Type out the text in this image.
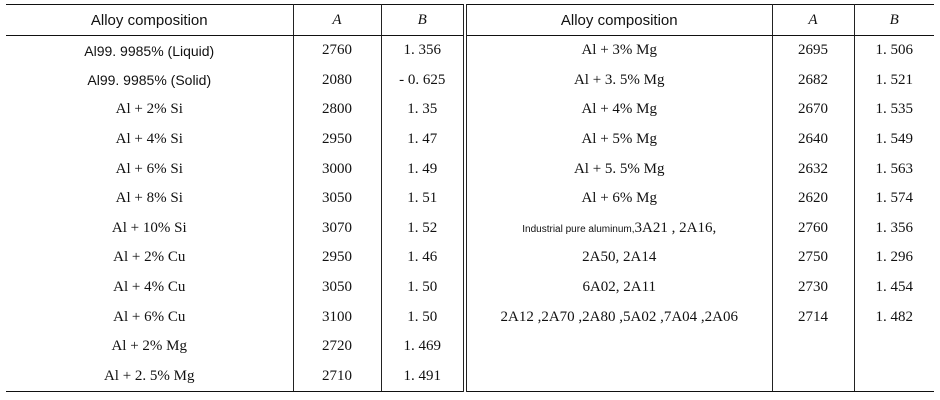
Alloy composition	A	B	Alloy composition	A	B
Al99. 9985% (Liquid)	2760	1. 356	Al + 3% Mg	2695	1. 506
Al99. 9985% (Solid)	2080	- 0. 625	Al + 3. 5% Mg	2682	1. 521
Al + 2% Si	2800	1. 35	Al + 4% Mg	2670	1. 535
Al + 4% Si	2950	1. 47	Al + 5% Mg	2640	1. 549
Al + 6% Si	3000	1. 49	Al + 5. 5% Mg	2632	1. 563
Al + 8% Si	3050	1. 51	Al + 6% Mg	2620	1. 574
Al + 10% Si	3070	1. 52	Industrial pure aluminum,3A21 , 2A16,	2760	1. 356
Al + 2% Cu	2950	1. 46	2A50, 2A14	2750	1. 296
Al + 4% Cu	3050	1. 50	6A02, 2A11	2730	1. 454
Al + 6% Cu	3100	1. 50	2A12 ,2A70 ,2A80 ,5A02 ,7A04 ,2A06	2714	1. 482
Al + 2% Mg	2720	1. 469			
Al + 2. 5% Mg	2710	1. 491			
